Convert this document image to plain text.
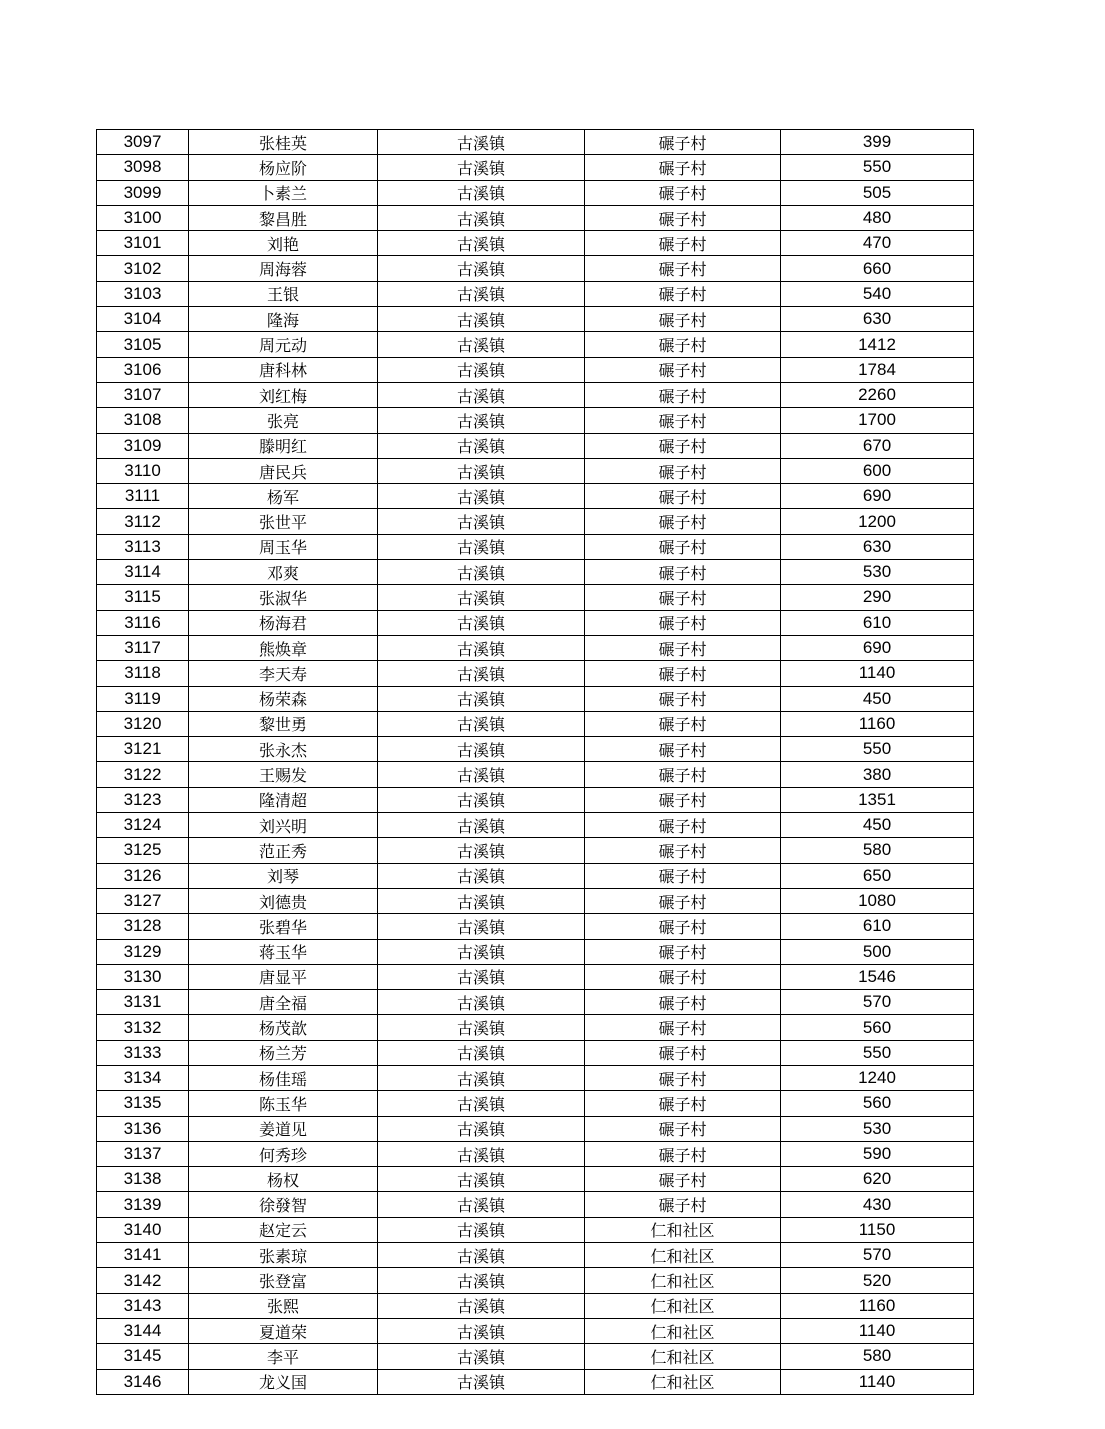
3097	张桂英	古溪镇	碾子村	399
3098	杨应阶	古溪镇	碾子村	550
3099	卜素兰	古溪镇	碾子村	505
3100	黎昌胜	古溪镇	碾子村	480
3101	刘艳	古溪镇	碾子村	470
3102	周海蓉	古溪镇	碾子村	660
3103	王银	古溪镇	碾子村	540
3104	隆海	古溪镇	碾子村	630
3105	周元动	古溪镇	碾子村	1412
3106	唐科林	古溪镇	碾子村	1784
3107	刘红梅	古溪镇	碾子村	2260
3108	张亮	古溪镇	碾子村	1700
3109	滕明红	古溪镇	碾子村	670
3110	唐民兵	古溪镇	碾子村	600
3111	杨军	古溪镇	碾子村	690
3112	张世平	古溪镇	碾子村	1200
3113	周玉华	古溪镇	碾子村	630
3114	邓爽	古溪镇	碾子村	530
3115	张淑华	古溪镇	碾子村	290
3116	杨海君	古溪镇	碾子村	610
3117	熊焕章	古溪镇	碾子村	690
3118	李天寿	古溪镇	碾子村	1140
3119	杨荣森	古溪镇	碾子村	450
3120	黎世勇	古溪镇	碾子村	1160
3121	张永杰	古溪镇	碾子村	550
3122	王赐发	古溪镇	碾子村	380
3123	隆清超	古溪镇	碾子村	1351
3124	刘兴明	古溪镇	碾子村	450
3125	范正秀	古溪镇	碾子村	580
3126	刘琴	古溪镇	碾子村	650
3127	刘德贵	古溪镇	碾子村	1080
3128	张碧华	古溪镇	碾子村	610
3129	蒋玉华	古溪镇	碾子村	500
3130	唐显平	古溪镇	碾子村	1546
3131	唐全福	古溪镇	碾子村	570
3132	杨茂歆	古溪镇	碾子村	560
3133	杨兰芳	古溪镇	碾子村	550
3134	杨佳瑶	古溪镇	碾子村	1240
3135	陈玉华	古溪镇	碾子村	560
3136	姜道见	古溪镇	碾子村	530
3137	何秀珍	古溪镇	碾子村	590
3138	杨权	古溪镇	碾子村	620
3139	徐發智	古溪镇	碾子村	430
3140	赵定云	古溪镇	仁和社区	1150
3141	张素琼	古溪镇	仁和社区	570
3142	张登富	古溪镇	仁和社区	520
3143	张熙	古溪镇	仁和社区	1160
3144	夏道荣	古溪镇	仁和社区	1140
3145	李平	古溪镇	仁和社区	580
3146	龙义国	古溪镇	仁和社区	1140
